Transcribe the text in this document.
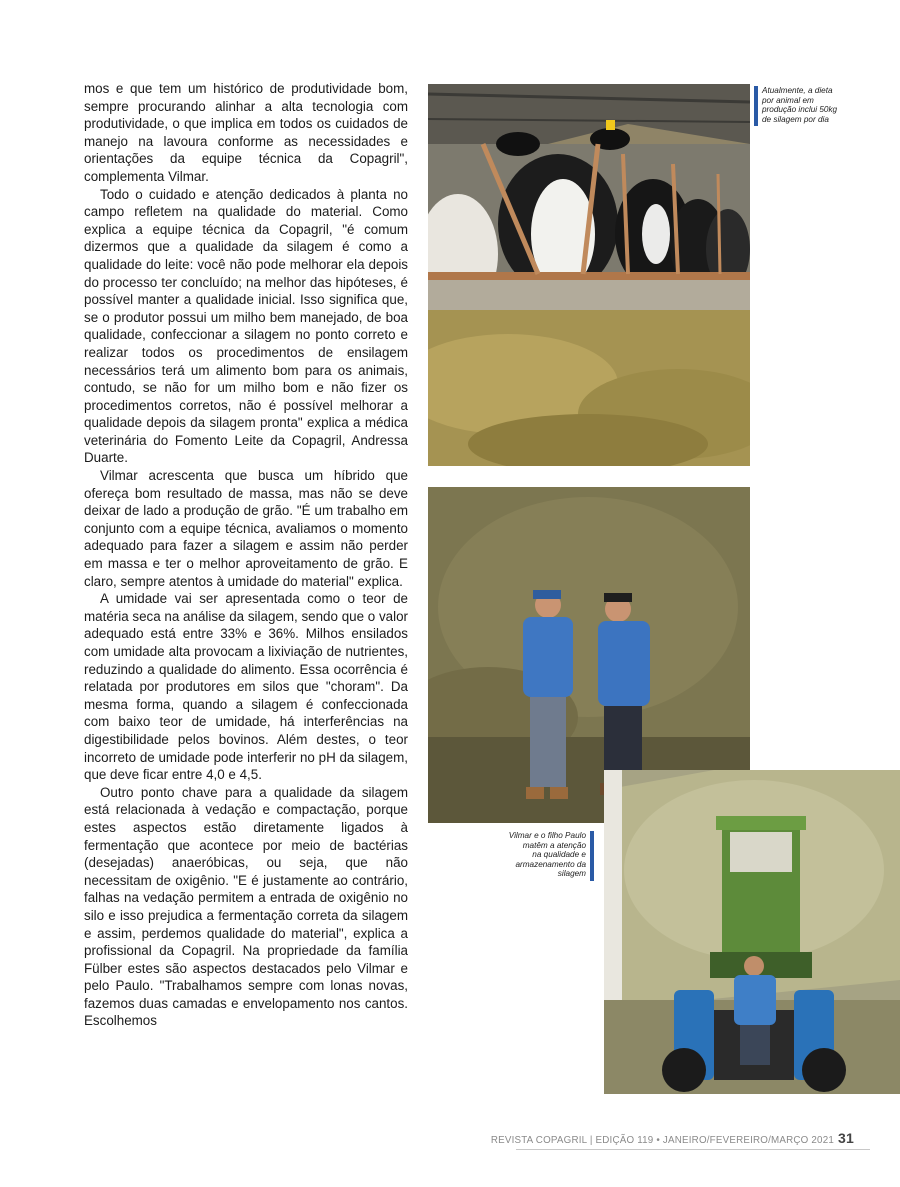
mos e que tem um histórico de produtividade bom, sempre procurando alinhar a alta tecnologia com produtividade, o que implica em todos os cuidados de manejo na lavoura conforme as necessidades e orientações da equipe técnica da Copagril", complementa Vilmar.

Todo o cuidado e atenção dedicados à planta no campo refletem na qualidade do material. Como explica a equipe técnica da Copagril, "é comum dizermos que a qualidade da silagem é como a qualidade do leite: você não pode melhorar ela depois do processo ter concluído; na melhor das hipóteses, é possível manter a qualidade inicial. Isso significa que, se o produtor possui um milho bem manejado, de boa qualidade, confeccionar a silagem no ponto correto e realizar todos os procedimentos de ensilagem necessários terá um alimento bom para os animais, contudo, se não for um milho bom e não fizer os procedimentos corretos, não é possível melhorar a qualidade depois da silagem pronta" explica a médica veterinária do Fomento Leite da Copagril, Andressa Duarte.

Vilmar acrescenta que busca um híbrido que ofereça bom resultado de massa, mas não se deve deixar de lado a produção de grão. "É um trabalho em conjunto com a equipe técnica, avaliamos o momento adequado para fazer a silagem e assim não perder em massa e ter o melhor aproveitamento de grão. E claro, sempre atentos à umidade do material" explica.

A umidade vai ser apresentada como o teor de matéria seca na análise da silagem, sendo que o valor adequado está entre 33% e 36%. Milhos ensilados com umidade alta provocam a lixiviação de nutrientes, reduzindo a qualidade do alimento. Essa ocorrência é relatada por produtores em silos que "choram". Da mesma forma, quando a silagem é confeccionada com baixo teor de umidade, há interferências na digestibilidade pelos bovinos. Além destes, o teor incorreto de umidade pode interferir no pH da silagem, que deve ficar entre 4,0 e 4,5.

Outro ponto chave para a qualidade da silagem está relacionada à vedação e compactação, porque estes aspectos estão diretamente ligados à fermentação que acontece por meio de bactérias (desejadas) anaeróbicas, ou seja, que não necessitam de oxigênio. "E é justamente ao contrário, falhas na vedação permitem a entrada de oxigênio no silo e isso prejudica a fermentação correta da silagem e assim, perdemos qualidade do material", explica a profissional da Copagril. Na propriedade da família Fülber estes são aspectos destacados pelo Vilmar e pelo Paulo. "Trabalhamos sempre com lonas novas, fazemos duas camadas e envelopamento nos cantos. Escolhemos

Atualmente, a dieta
por animal em
produção inclui 50kg
de silagem por dia
Vilmar e o filho Paulo
matêm a atenção
na qualidade e
armazenamento da
silagem
REVISTA COPAGRIL | EDIÇÃO 119 • JANEIRO/FEVEREIRO/MARÇO 2021 31
